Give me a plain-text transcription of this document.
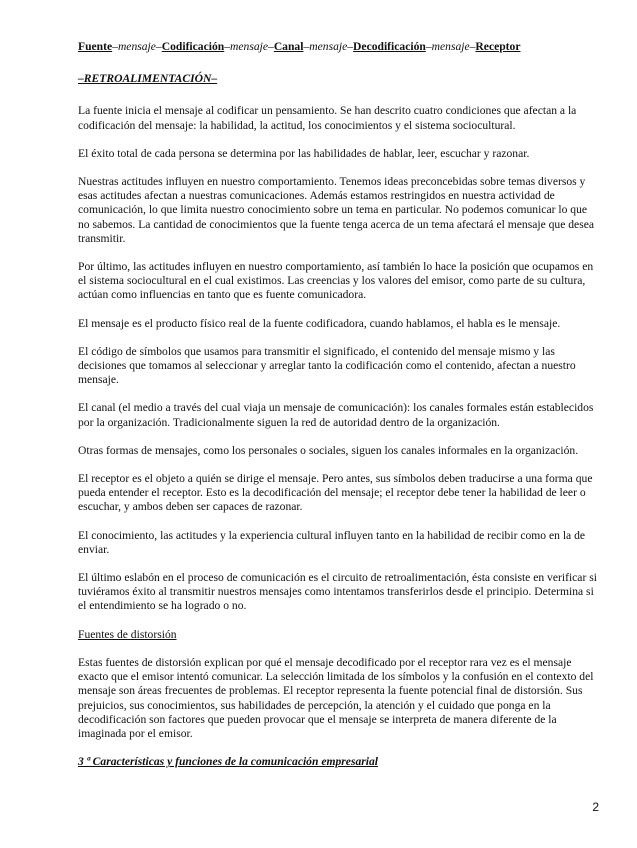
Fuente–mensaje–Codificación–mensaje–Canal–mensaje–Decodificación–mensaje–Receptor
–RETROALIMENTACIÓN–

La fuente inicia el mensaje al codificar un pensamiento. Se han descrito cuatro condiciones que afectan a la codificación del mensaje: la habilidad, la actitud, los conocimientos y el sistema sociocultural.

El éxito total de cada persona se determina por las habilidades de hablar, leer, escuchar y razonar.

Nuestras actitudes influyen en nuestro comportamiento. Tenemos ideas preconcebidas sobre temas diversos y esas actitudes afectan a nuestras comunicaciones. Además estamos restringidos en nuestra actividad de comunicación, lo que limita nuestro conocimiento sobre un tema en particular. No podemos comunicar lo que no sabemos. La cantidad de conocimientos que la fuente tenga acerca de un tema afectará el mensaje que desea transmitir.

Por último, las actitudes influyen en nuestro comportamiento, así también lo hace la posición que ocupamos en el sistema sociocultural en el cual existimos. Las creencias y los valores del emisor, como parte de su cultura, actúan como influencias en tanto que es fuente comunicadora.

El mensaje es el producto físico real de la fuente codificadora, cuando hablamos, el habla es le mensaje.

El código de símbolos que usamos para transmitir el significado, el contenido del mensaje mismo y las decisiones que tomamos al seleccionar y arreglar tanto la codificación como el contenido, afectan a nuestro mensaje.

El canal (el medio a través del cual viaja un mensaje de comunicación): los canales formales están establecidos por la organización. Tradicionalmente siguen la red de autoridad dentro de la organización.

Otras formas de mensajes, como los personales o sociales, siguen los canales informales en la organización.

El receptor es el objeto a quién se dirige el mensaje. Pero antes, sus símbolos deben traducirse a una forma que pueda entender el receptor. Esto es la decodificación del mensaje; el receptor debe tener la habilidad de leer o escuchar, y ambos deben ser capaces de razonar.

El conocimiento, las actitudes y la experiencia cultural influyen tanto en la habilidad de recibir como en la de enviar.

El último eslabón en el proceso de comunicación es el circuito de retroalimentación, ésta consiste en verificar si tuviéramos éxito al transmitir nuestros mensajes como intentamos transferirlos desde el principio. Determina si el entendimiento se ha logrado o no.

Fuentes de distorsión

Estas fuentes de distorsión explican por qué el mensaje decodificado por el receptor rara vez es el mensaje exacto que el emisor intentó comunicar. La selección limitada de los símbolos y la confusión en el contexto del mensaje son áreas frecuentes de problemas. El receptor representa la fuente potencial final de distorsión. Sus prejuicios, sus conocimientos, sus habilidades de percepción, la atención y el cuidado que ponga en la decodificación son factores que pueden provocar que el mensaje se interpreta de manera diferente de la imaginada por el emisor.

3 ª Características y funciones de la comunicación empresarial
2
